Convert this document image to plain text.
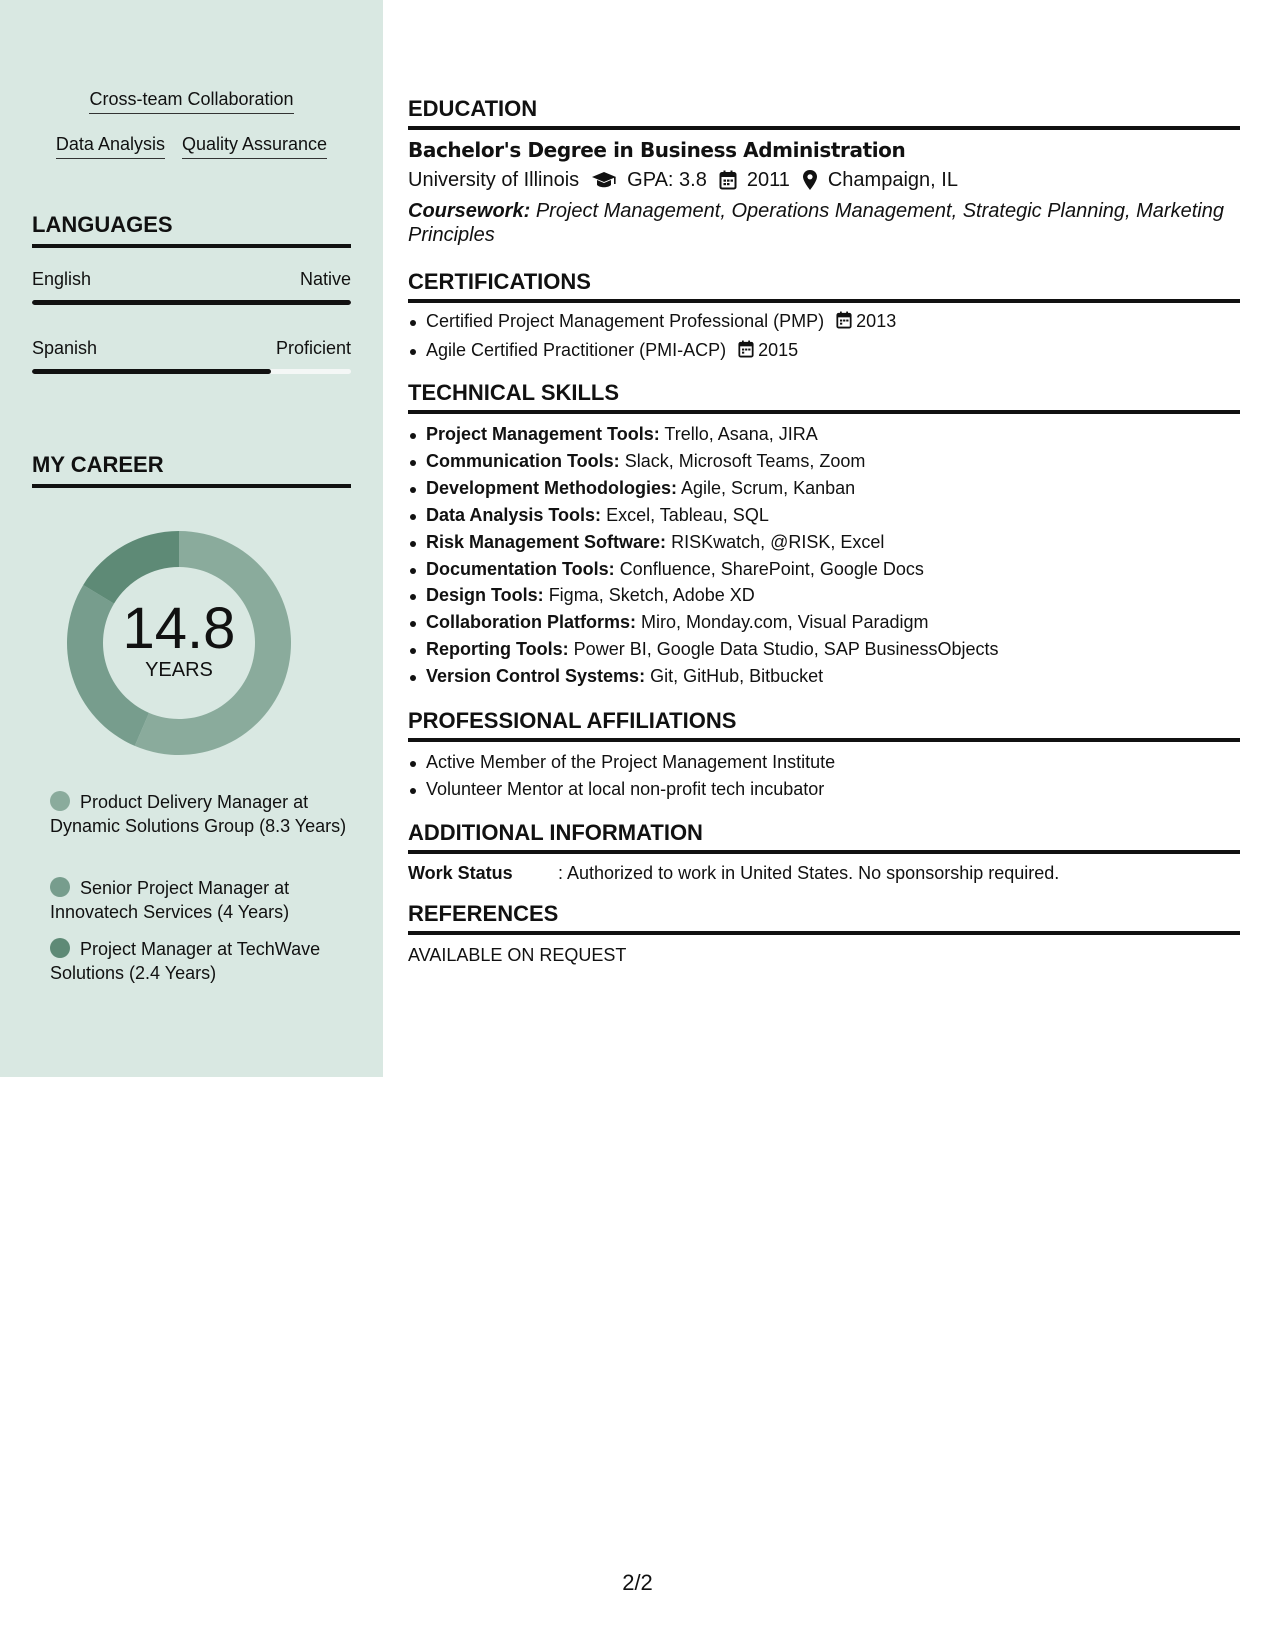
Cross-team Collaboration
Data Analysis Quality Assurance
LANGUAGES
English	Native
Spanish	Proficient
MY CAREER
14.8
YEARS
Product Delivery Manager at Dynamic Solutions Group (8.3 Years)
Senior Project Manager at Innovatech Services (4 Years)
Project Manager at TechWave Solutions (2.4 Years)
EDUCATION
Bachelor's Degree in Business Administration
University of Illinois GPA: 3.8 2011 Champaign, IL
Coursework: Project Management, Operations Management, Strategic Planning, Marketing Principles
CERTIFICATIONS
Certified Project Management Professional (PMP) 2013
Agile Certified Practitioner (PMI-ACP) 2015
TECHNICAL SKILLS
Project Management Tools: Trello, Asana, JIRA
Communication Tools: Slack, Microsoft Teams, Zoom
Development Methodologies: Agile, Scrum, Kanban
Data Analysis Tools: Excel, Tableau, SQL
Risk Management Software: RISKwatch, @RISK, Excel
Documentation Tools: Confluence, SharePoint, Google Docs
Design Tools: Figma, Sketch, Adobe XD
Collaboration Platforms: Miro, Monday.com, Visual Paradigm
Reporting Tools: Power BI, Google Data Studio, SAP BusinessObjects
Version Control Systems: Git, GitHub, Bitbucket
PROFESSIONAL AFFILIATIONS
Active Member of the Project Management Institute
Volunteer Mentor at local non-profit tech incubator
ADDITIONAL INFORMATION
Work Status	: Authorized to work in United States. No sponsorship required.
REFERENCES
AVAILABLE ON REQUEST
2/2
